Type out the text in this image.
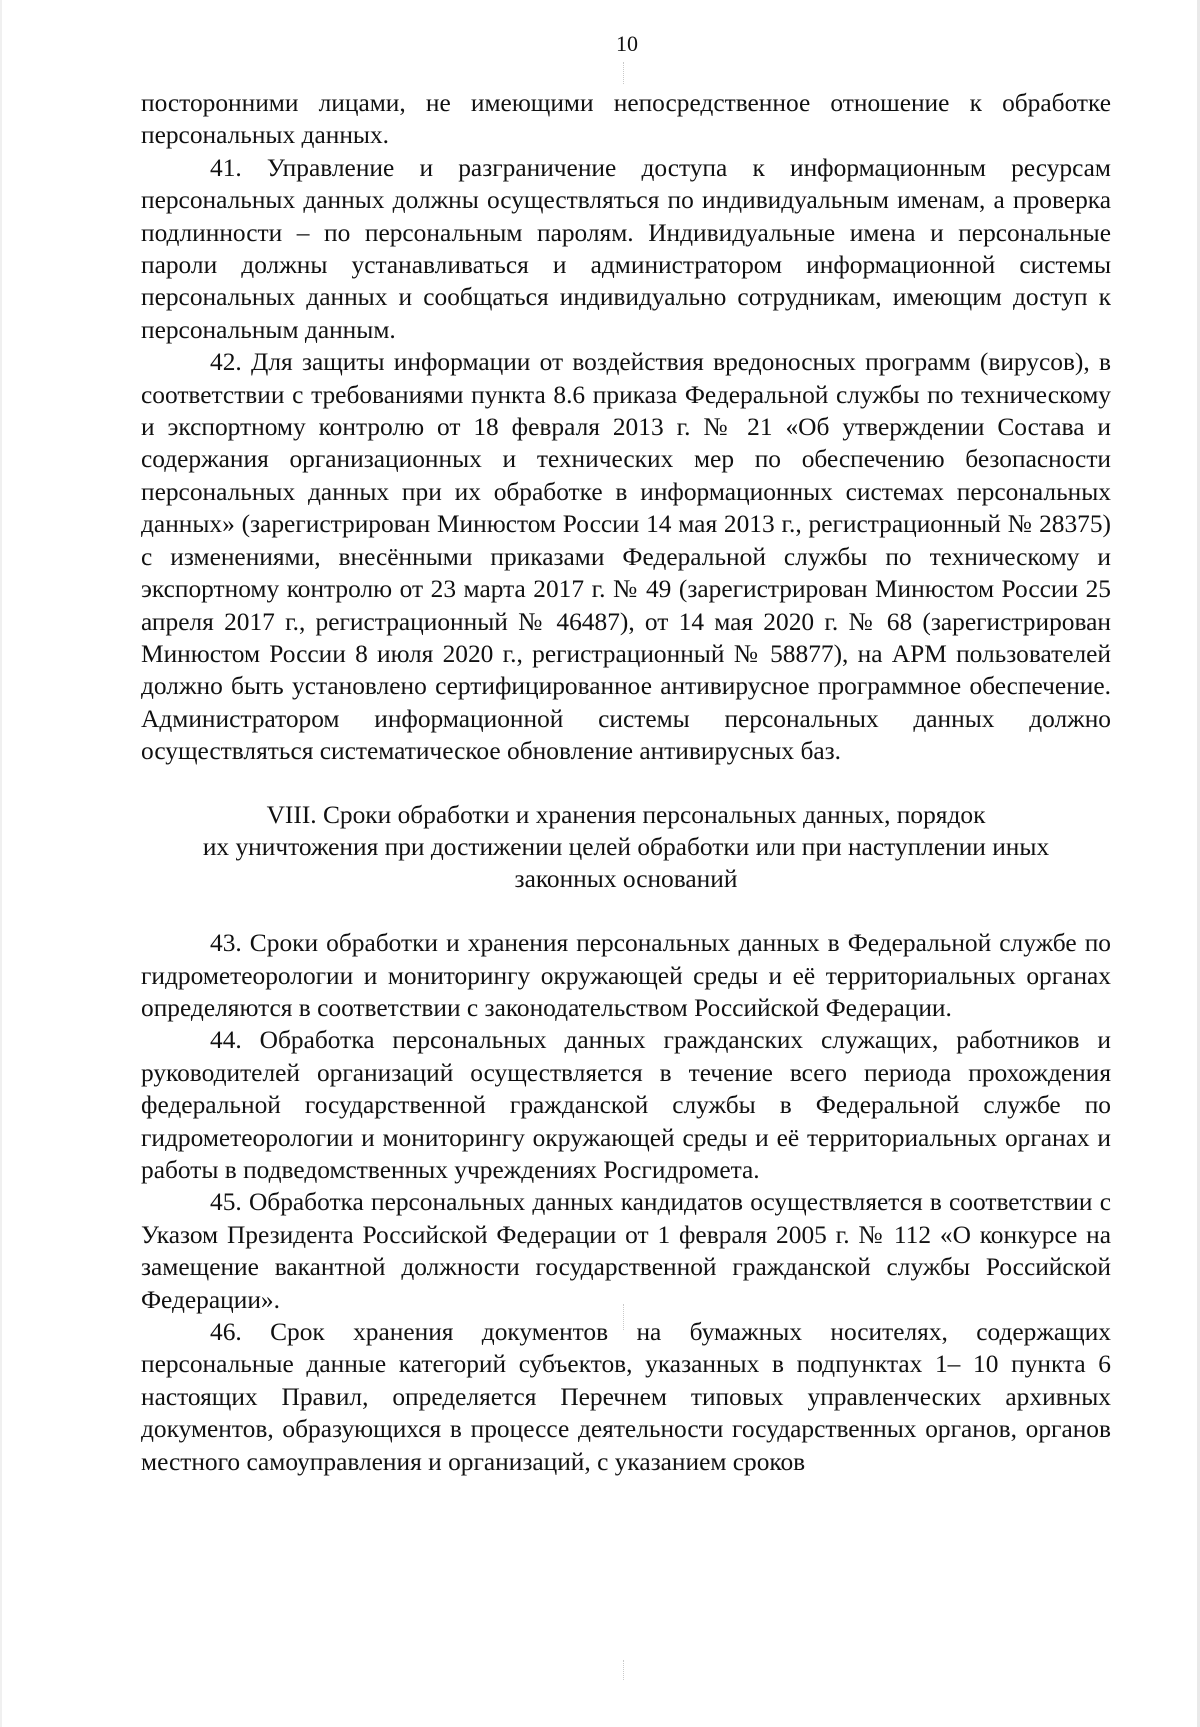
10

посторонними лицами, не имеющими непосредственное отношение к обработке персональных данных.

41. Управление и разграничение доступа к информационным ресурсам персональных данных должны осуществляться по индивидуальным именам, а проверка подлинности – по персональным паролям. Индивидуальные имена и персональные пароли должны устанавливаться и администратором информационной системы персональных данных и сообщаться индивидуально сотрудникам, имеющим доступ к персональным данным.

42. Для защиты информации от воздействия вредоносных программ (вирусов), в соответствии с требованиями пункта 8.6 приказа Федеральной службы по техническому и экспортному контролю от 18 февраля 2013 г. № 21 «Об утверждении Состава и содержания организационных и технических мер по обеспечению безопасности персональных данных при их обработке в информационных системах персональных данных» (зарегистрирован Минюстом России 14 мая 2013 г., регистрационный № 28375) с изменениями, внесёнными приказами Федеральной службы по техническому и экспортному контролю от 23 марта 2017 г. № 49 (зарегистрирован Минюстом России 25 апреля 2017 г., регистрационный № 46487), от 14 мая 2020 г. № 68 (зарегистрирован Минюстом России 8 июля 2020 г., регистрационный № 58877), на АРМ пользователей должно быть установлено сертифицированное антивирусное программное обеспечение. Администратором информационной системы персональных данных должно осуществляться систематическое обновление антивирусных баз.

VIII. Сроки обработки и хранения персональных данных, порядок
их уничтожения при достижении целей обработки или при наступлении иных
законных оснований

43. Сроки обработки и хранения персональных данных в Федеральной службе по гидрометеорологии и мониторингу окружающей среды и её территориальных органах определяются в соответствии с законодательством Российской Федерации.

44. Обработка персональных данных гражданских служащих, работников и руководителей организаций осуществляется в течение всего периода прохождения федеральной государственной гражданской службы в Федеральной службе по гидрометеорологии и мониторингу окружающей среды и её территориальных органах и работы в подведомственных учреждениях Росгидромета.

45. Обработка персональных данных кандидатов осуществляется в соответствии с Указом Президента Российской Федерации от 1 февраля 2005 г. № 112 «О конкурсе на замещение вакантной должности государственной гражданской службы Российской Федерации».

46. Срок хранения документов на бумажных носителях, содержащих персональные данные категорий субъектов, указанных в подпунктах 1– 10 пункта 6 настоящих Правил, определяется Перечнем типовых управленческих архивных документов, образующихся в процессе деятельности государственных органов, органов местного самоуправления и организаций, с указанием сроков
